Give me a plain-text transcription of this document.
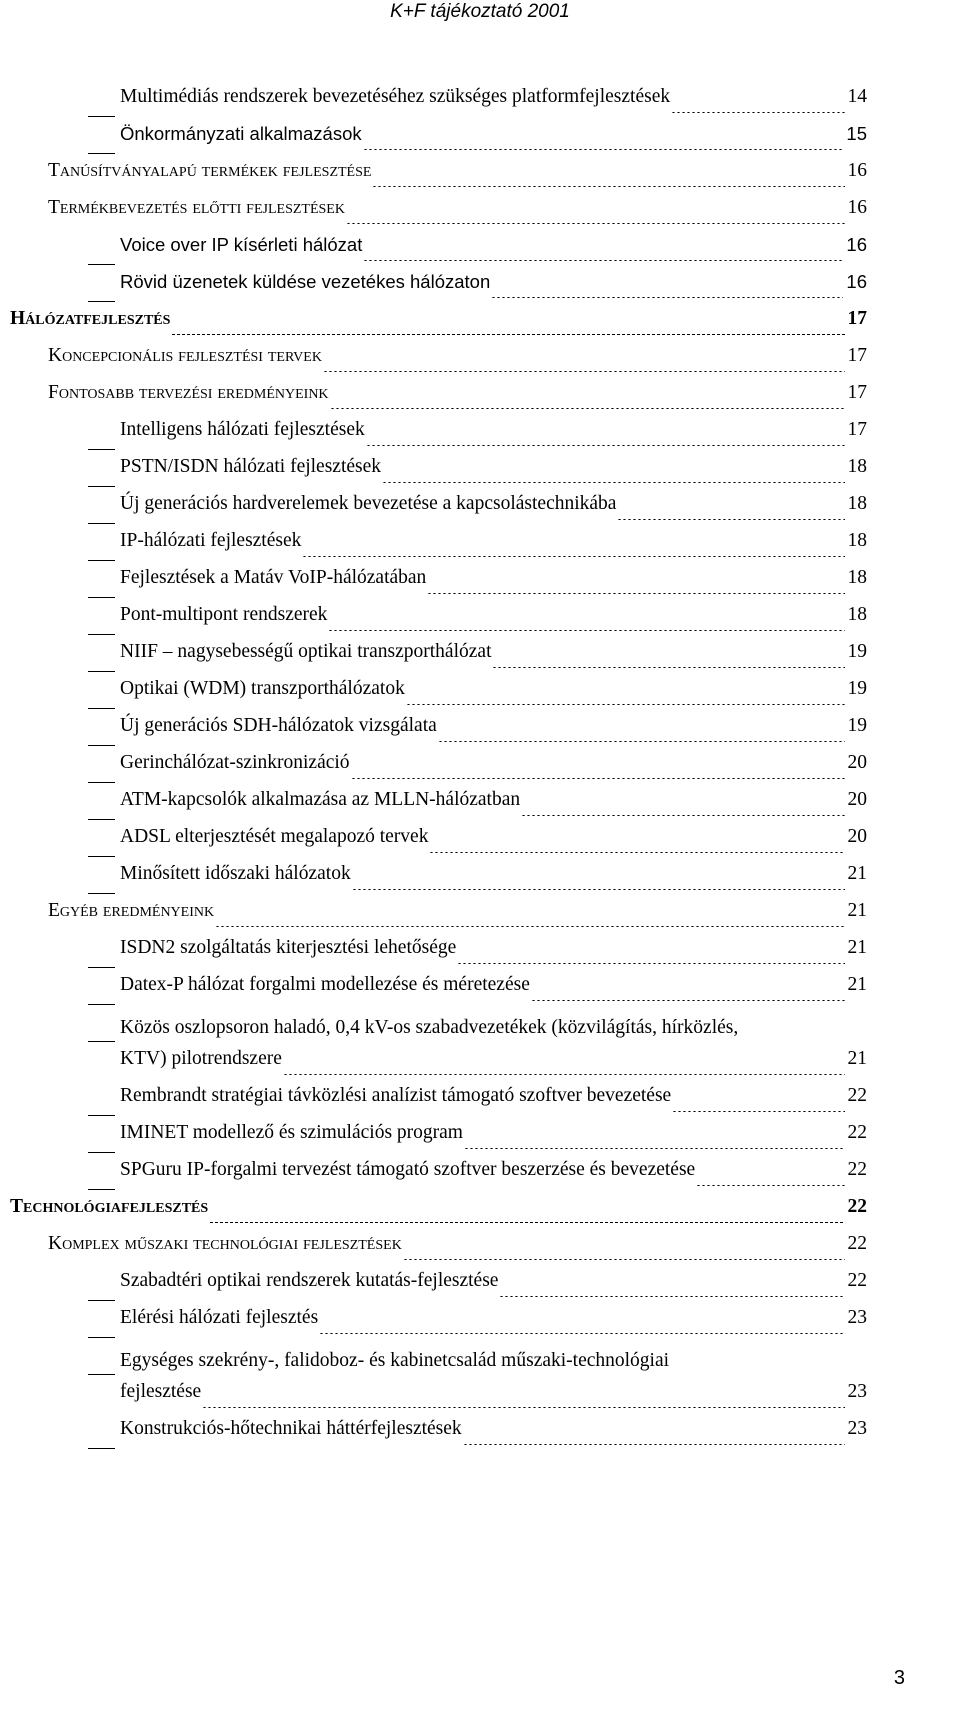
K+F tájékoztató 2001
Multimédiás rendszerek bevezetéséhez szükséges platformfejlesztések	14
Önkormányzati alkalmazások	15
Tanúsítványalapú termékek fejlesztése	16
Termékbevezetés előtti fejlesztések	16
Voice over IP kísérleti hálózat	16
Rövid üzenetek küldése vezetékes hálózaton	16
Hálózatfejlesztés	17
Koncepcionális fejlesztési tervek	17
Fontosabb tervezési eredményeink	17
Intelligens hálózati fejlesztések	17
PSTN/ISDN hálózati fejlesztések	18
Új generációs hardverelemek bevezetése a kapcsolástechnikába	18
IP-hálózati fejlesztések	18
Fejlesztések a Matáv VoIP-hálózatában	18
Pont-multipont rendszerek	18
NIIF – nagysebességű optikai transzporthálózat	19
Optikai (WDM) transzporthálózatok	19
Új generációs SDH-hálózatok vizsgálata	19
Gerinchálózat-szinkronizáció	20
ATM-kapcsolók alkalmazása az MLLN-hálózatban	20
ADSL elterjesztését megalapozó tervek	20
Minősített időszaki hálózatok	21
Egyéb eredményeink	21
ISDN2 szolgáltatás kiterjesztési lehetősége	21
Datex-P hálózat forgalmi modellezése és méretezése	21
Közös oszlopsoron haladó, 0,4 kV-os szabadvezetékek (közvilágítás, hírközlés,
KTV) pilotrendszere	21
Rembrandt stratégiai távközlési analízist támogató szoftver bevezetése	22
IMINET modellező és szimulációs program	22
SPGuru IP-forgalmi tervezést támogató szoftver beszerzése és bevezetése	22
Technológiafejlesztés	22
Komplex műszaki technológiai fejlesztések	22
Szabadtéri optikai rendszerek kutatás-fejlesztése	22
Elérési hálózati fejlesztés	23
Egységes szekrény-, falidoboz- és kabinetcsalád műszaki-technológiai
fejlesztése	23
Konstrukciós-hőtechnikai háttérfejlesztések	23
3
